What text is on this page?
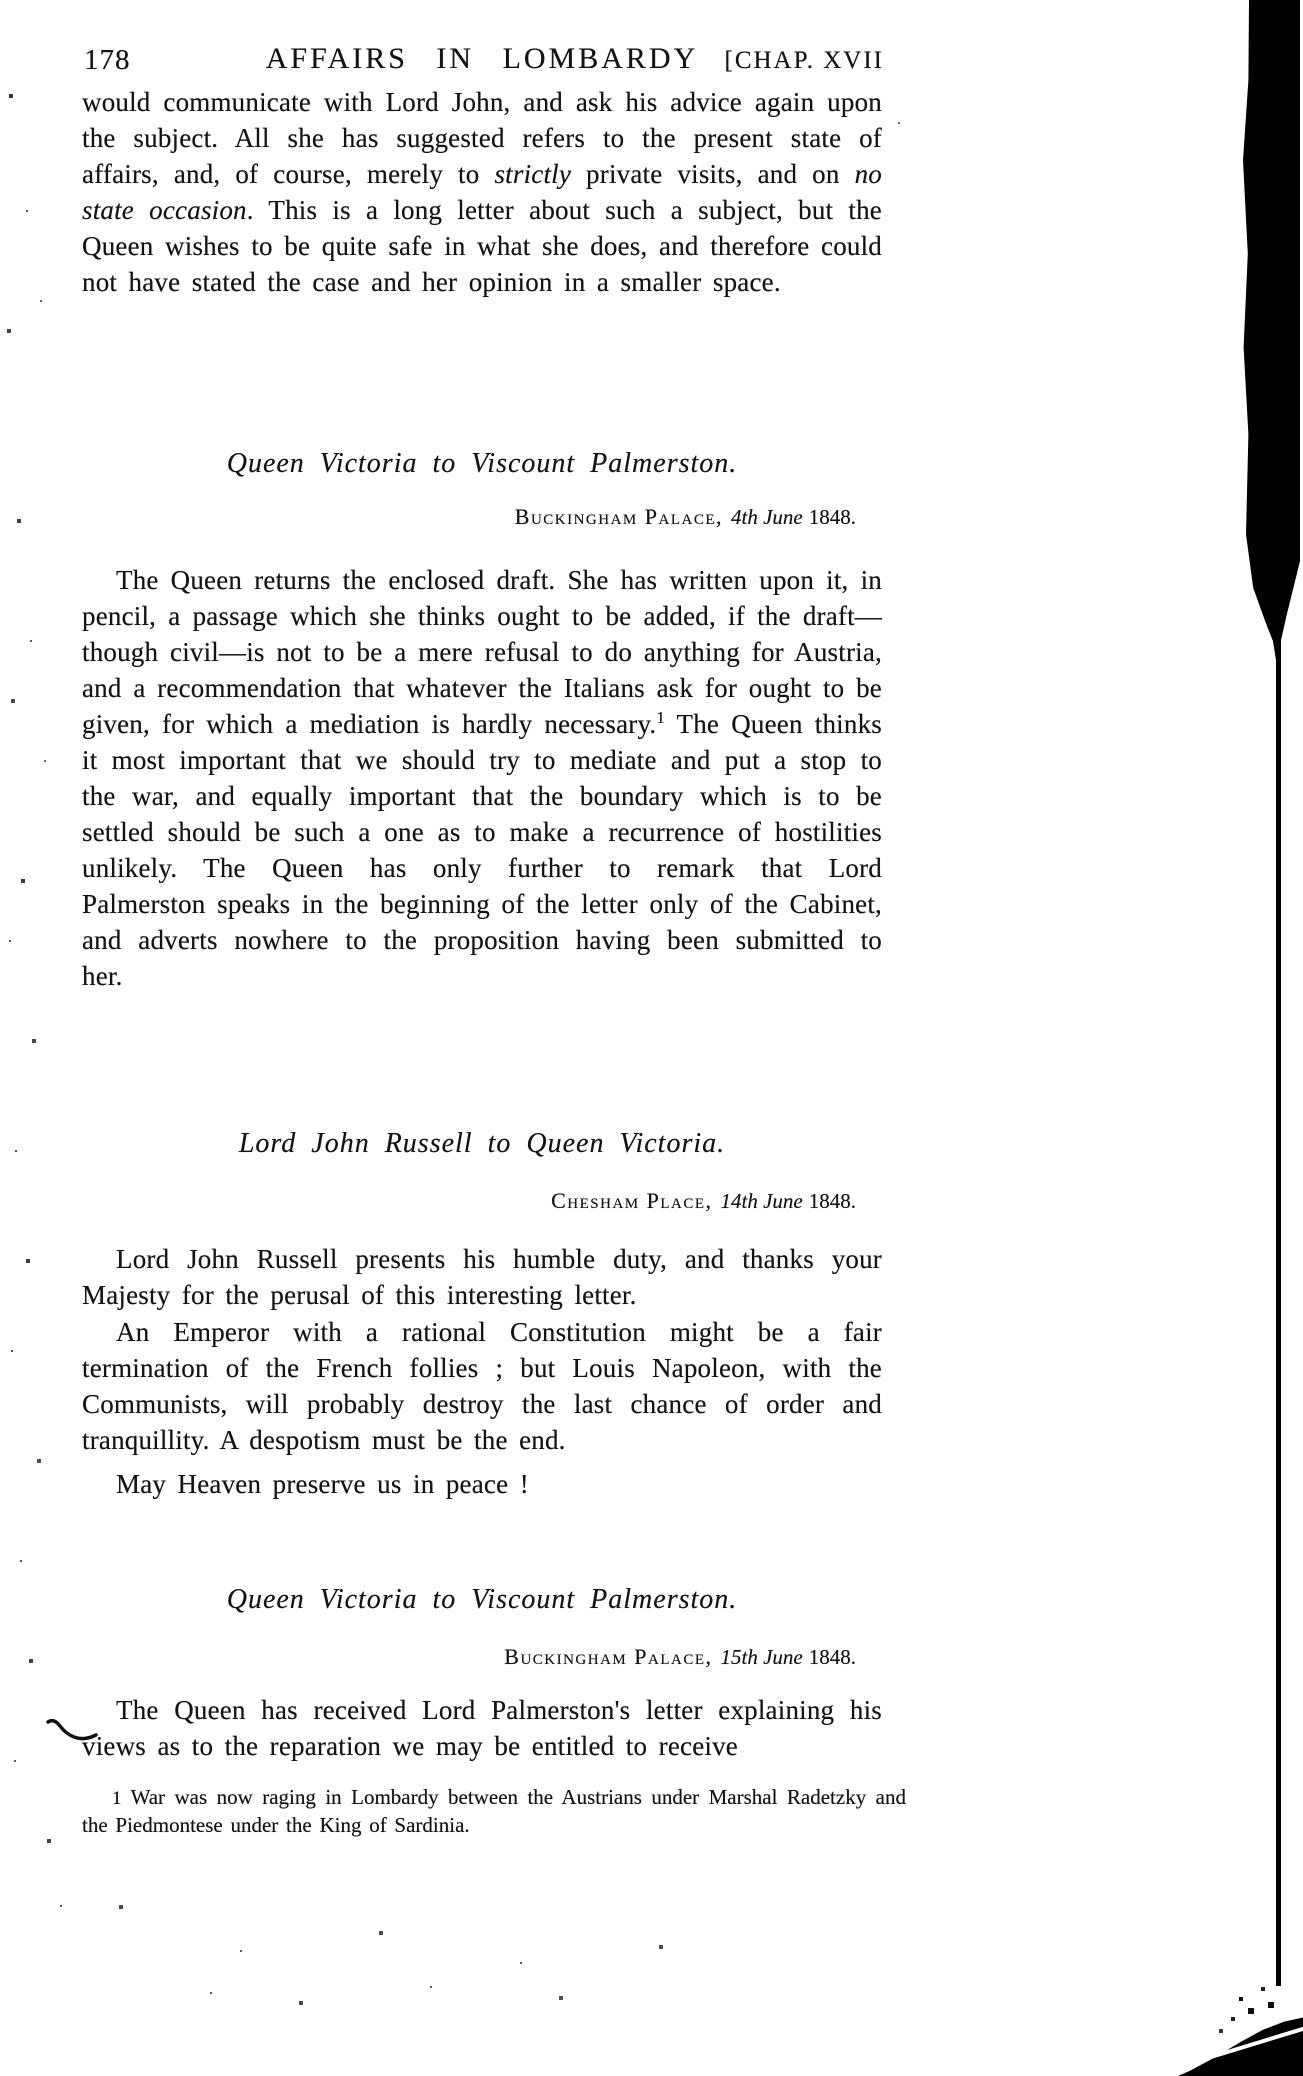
178	AFFAIRS IN LOMBARDY	[CHAP. XVII

would communicate with Lord John, and ask his advice again upon the subject. All she has suggested refers to the present state of affairs, and, of course, merely to strictly private visits, and on no state occasion. This is a long letter about such a subject, but the Queen wishes to be quite safe in what she does, and therefore could not have stated the case and her opinion in a smaller space.

Queen Victoria to Viscount Palmerston.

Buckingham Palace, 4th June 1848.

The Queen returns the enclosed draft. She has written upon it, in pencil, a passage which she thinks ought to be added, if the draft—though civil—is not to be a mere refusal to do anything for Austria, and a recommendation that whatever the Italians ask for ought to be given, for which a mediation is hardly necessary.$^1$ The Queen thinks it most important that we should try to mediate and put a stop to the war, and equally important that the boundary which is to be settled should be such a one as to make a recurrence of hostilities unlikely. The Queen has only further to remark that Lord Palmerston speaks in the beginning of the letter only of the Cabinet, and adverts nowhere to the proposition having been submitted to her.

Lord John Russell to Queen Victoria.

Chesham Place, 14th June 1848.

Lord John Russell presents his humble duty, and thanks your Majesty for the perusal of this interesting letter.

An Emperor with a rational Constitution might be a fair termination of the French follies ; but Louis Napoleon, with the Communists, will probably destroy the last chance of order and tranquillity. A despotism must be the end.

May Heaven preserve us in peace !

Queen Victoria to Viscount Palmerston.

Buckingham Palace, 15th June 1848.

The Queen has received Lord Palmerston's letter explaining his views as to the reparation we may be entitled to receive

1 War was now raging in Lombardy between the Austrians under Marshal Radetzky and the Piedmontese under the King of Sardinia.
